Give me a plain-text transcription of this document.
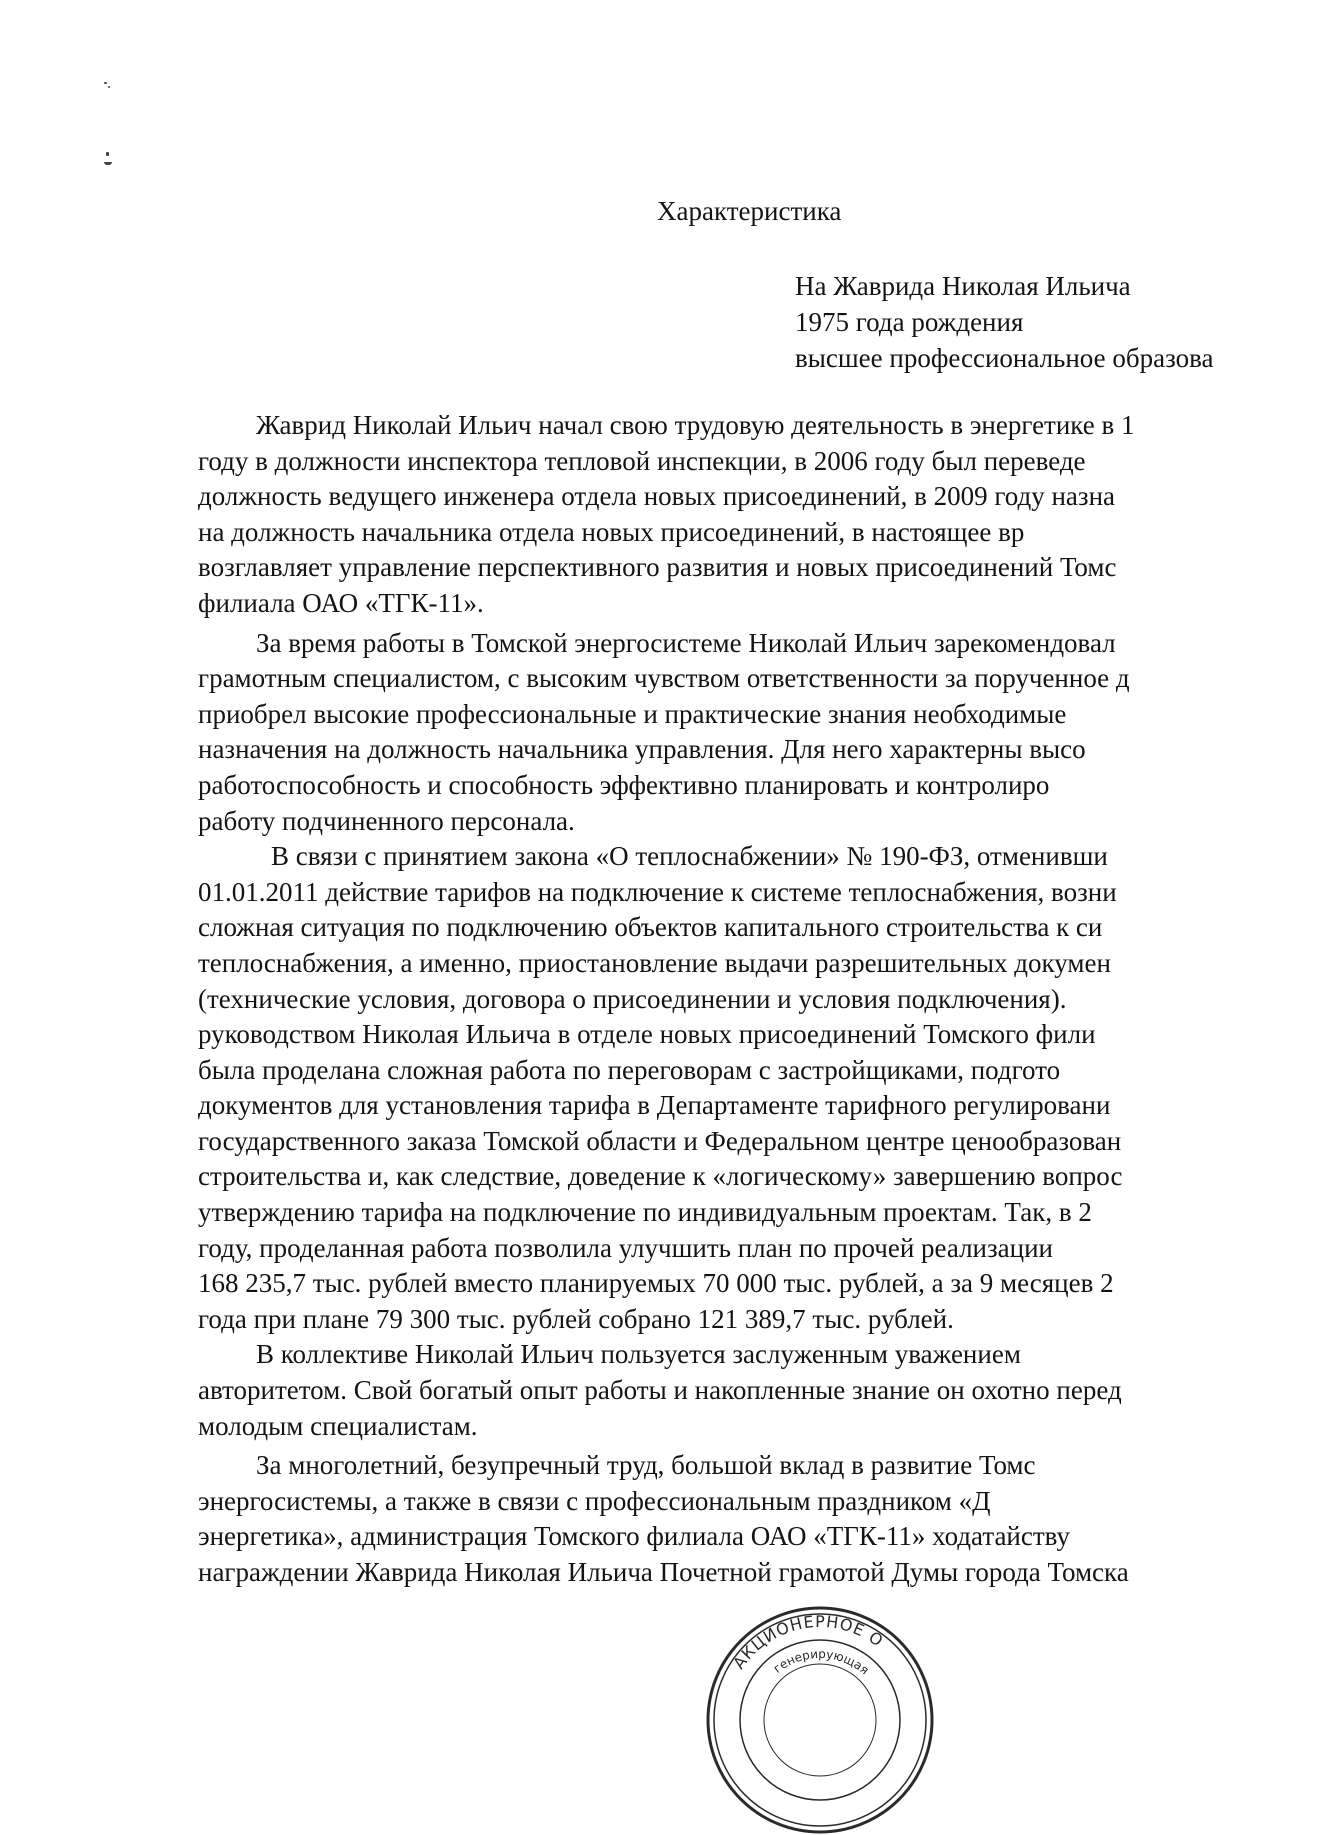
Характеристика
На Жаврида Николая Ильича
1975 года рождения
высшее профессиональное образова
Жаврид Николай Ильич начал свою трудовую деятельность в энергетике в 1
году в должности инспектора тепловой инспекции, в 2006 году был переведе
должность ведущего инженера отдела новых присоединений, в 2009 году назна
на должность начальника отдела новых присоединений, в настоящее вр
возглавляет управление перспективного развития и новых присоединений Томс
филиала ОАО «ТГК-11».
За время работы в Томской энергосистеме Николай Ильич зарекомендовал
грамотным специалистом, с высоким чувством ответственности за порученное д
приобрел высокие профессиональные и практические знания необходимые
назначения на должность начальника управления. Для него характерны высо
работоспособность и способность эффективно планировать и контролиро
работу подчиненного персонала.
В связи с принятием закона «О теплоснабжении» № 190-ФЗ, отменивши
01.01.2011 действие тарифов на подключение к системе теплоснабжения, возни
сложная ситуация по подключению объектов капитального строительства к си
теплоснабжения, а именно, приостановление выдачи разрешительных докумен
(технические условия, договора о присоединении и условия подключения).
руководством Николая Ильича в отделе новых присоединений Томского фили
была проделана сложная работа по переговорам с застройщиками, подгото
документов для установления тарифа в Департаменте тарифного регулировани
государственного заказа Томской области и Федеральном центре ценообразован
строительства и, как следствие, доведение к «логическому» завершению вопрос
утверждению тарифа на подключение по индивидуальным проектам. Так, в 2
году, проделанная работа позволила улучшить план по прочей реализации
168 235,7 тыс. рублей вместо планируемых 70 000 тыс. рублей, а за 9 месяцев 2
года при плане 79 300 тыс. рублей собрано 121 389,7 тыс. рублей.
В коллективе Николай Ильич пользуется заслуженным уважением
авторитетом. Свой богатый опыт работы и накопленные знание он охотно перед
молодым специалистам.
За многолетний, безупречный труд, большой вклад в развитие Томс
энергосистемы, а также в связи с профессиональным праздником «Д
энергетика», администрация Томского филиала ОАО «ТГК-11» ходатайству
награждении Жаврида Николая Ильича Почетной грамотой Думы города Томска
АКЦИОНЕРНОЕ О
генерирующая
